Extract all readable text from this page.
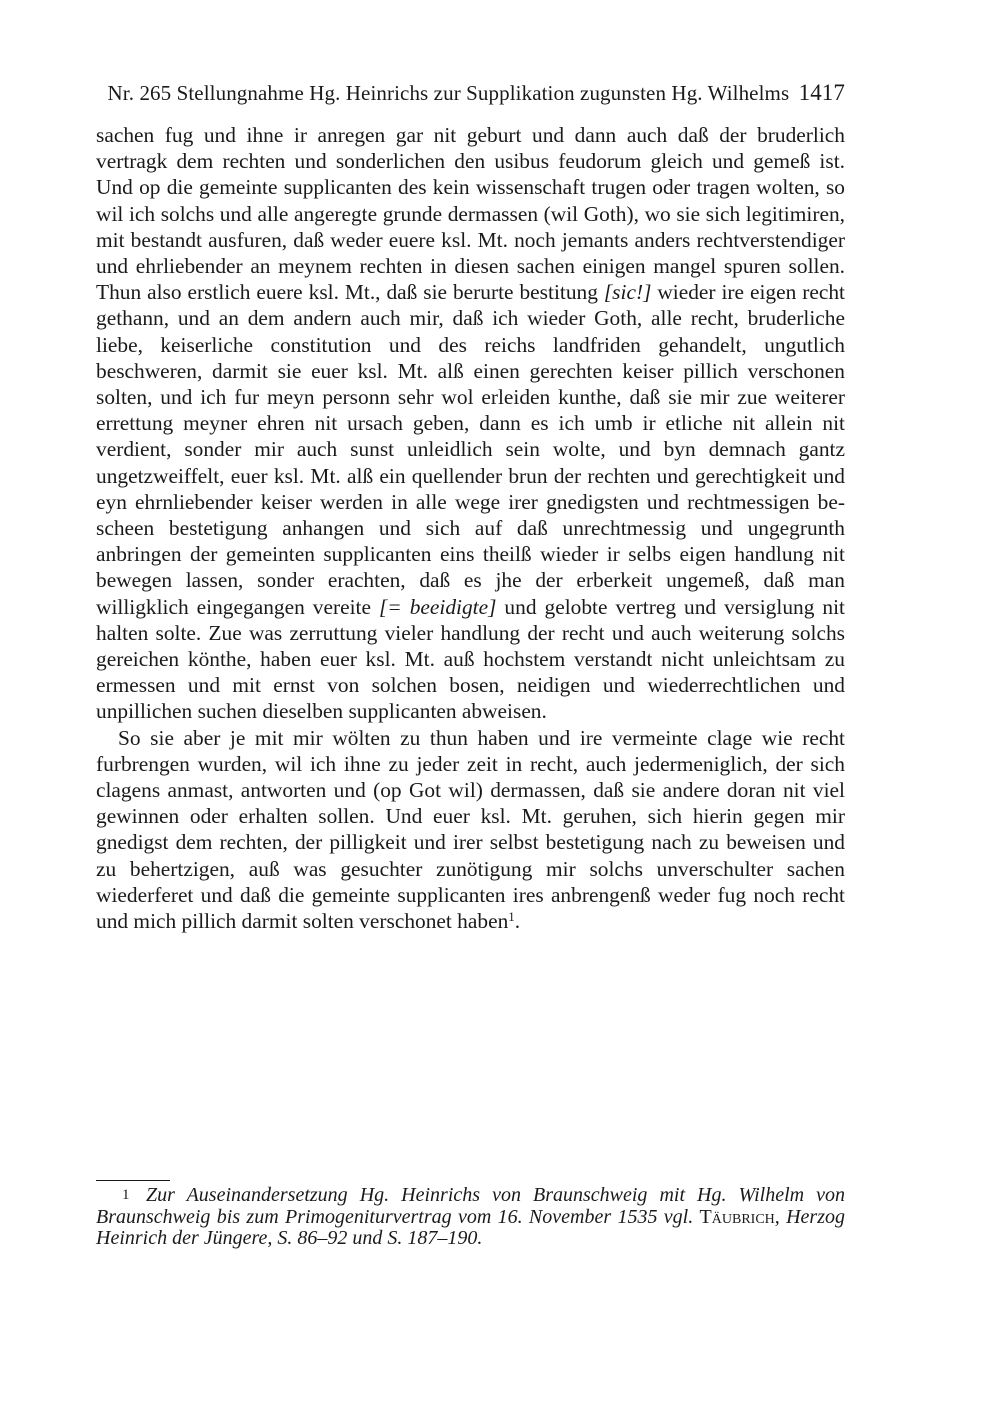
Nr. 265 Stellungnahme Hg. Heinrichs zur Supplikation zugunsten Hg. Wilhelms 1417

sachen fug und ihne ir anregen gar nit geburt und dann auch daß der bruderlich vertragk dem rechten und sonderlichen den usibus feudorum gleich und gemeß ist. Und op die gemeinte supplicanten des kein wissenschaft trugen oder tragen wolten, so wil ich solchs und alle angeregte grunde dermassen (wil Goth), wo sie sich legitimiren, mit bestandt ausfuren, daß weder euere ksl. Mt. noch jemants anders rechtverstendiger und ehrliebender an meynem rechten in diesen sachen einigen mangel spuren sollen. Thun also erstlich euere ksl. Mt., daß sie berurte bestitung [sic!] wieder ire eigen recht gethann, und an dem andern auch mir, daß ich wieder Goth, alle recht, bruderliche liebe, keiserliche constitution und des reichs landfriden gehandelt, ungutlich beschweren, darmit sie euer ksl. Mt. alß einen gerechten keiser pillich verschonen solten, und ich fur meyn personn sehr wol erleiden kunthe, daß sie mir zue weiterer errettung meyner ehren nit ursach geben, dann es ich umb ir etliche nit allein nit verdient, sonder mir auch sunst unleidlich sein wolte, und byn demnach gantz ungetzweiffelt, euer ksl. Mt. alß ein quellender brun der rechten und gerechtigkeit und eyn ehrnliebender keiser werden in alle wege irer gnedigsten und rechtmessigen bescheen bestetigung anhangen und sich auf daß unrechtmessig und ungegrunth anbringen der gemeinten supplicanten eins theilß wieder ir selbs eigen handlung nit bewegen lassen, sonder erachten, daß es jhe der erberkeit ungemeß, daß man willigklich eingegangen vereite [= beeidigte] und gelobte vertreg und versiglung nit halten solte. Zue was zerruttung vieler handlung der recht und auch weiterung solchs gereichen könthe, haben euer ksl. Mt. auß hochstem verstandt nicht unleichtsam zu ermessen und mit ernst von solchen bosen, neidigen und wiederrechtlichen und unpillichen suchen dieselben supplicanten abweisen.

So sie aber je mit mir wölten zu thun haben und ire vermeinte clage wie recht furbrengen wurden, wil ich ihne zu jeder zeit in recht, auch jedermeniglich, der sich clagens anmast, antworten und (op Got wil) dermassen, daß sie andere doran nit viel gewinnen oder erhalten sollen. Und euer ksl. Mt. geruhen, sich hierin gegen mir gnedigst dem rechten, der pilligkeit und irer selbst bestetigung nach zu beweisen und zu behertzigen, auß was gesuchter zunötigung mir solchs unverschulter sachen wiederferet und daß die gemeinte supplicanten ires anbrengenß weder fug noch recht und mich pillich darmit solten verschonet haben$^1$.

1 Zur Auseinandersetzung Hg. Heinrichs von Braunschweig mit Hg. Wilhelm von Braunschweig bis zum Primogeniturvertrag vom 16. November 1535 vgl. Täubrich, Herzog Heinrich der Jüngere, S. 86–92 und S. 187–190.
